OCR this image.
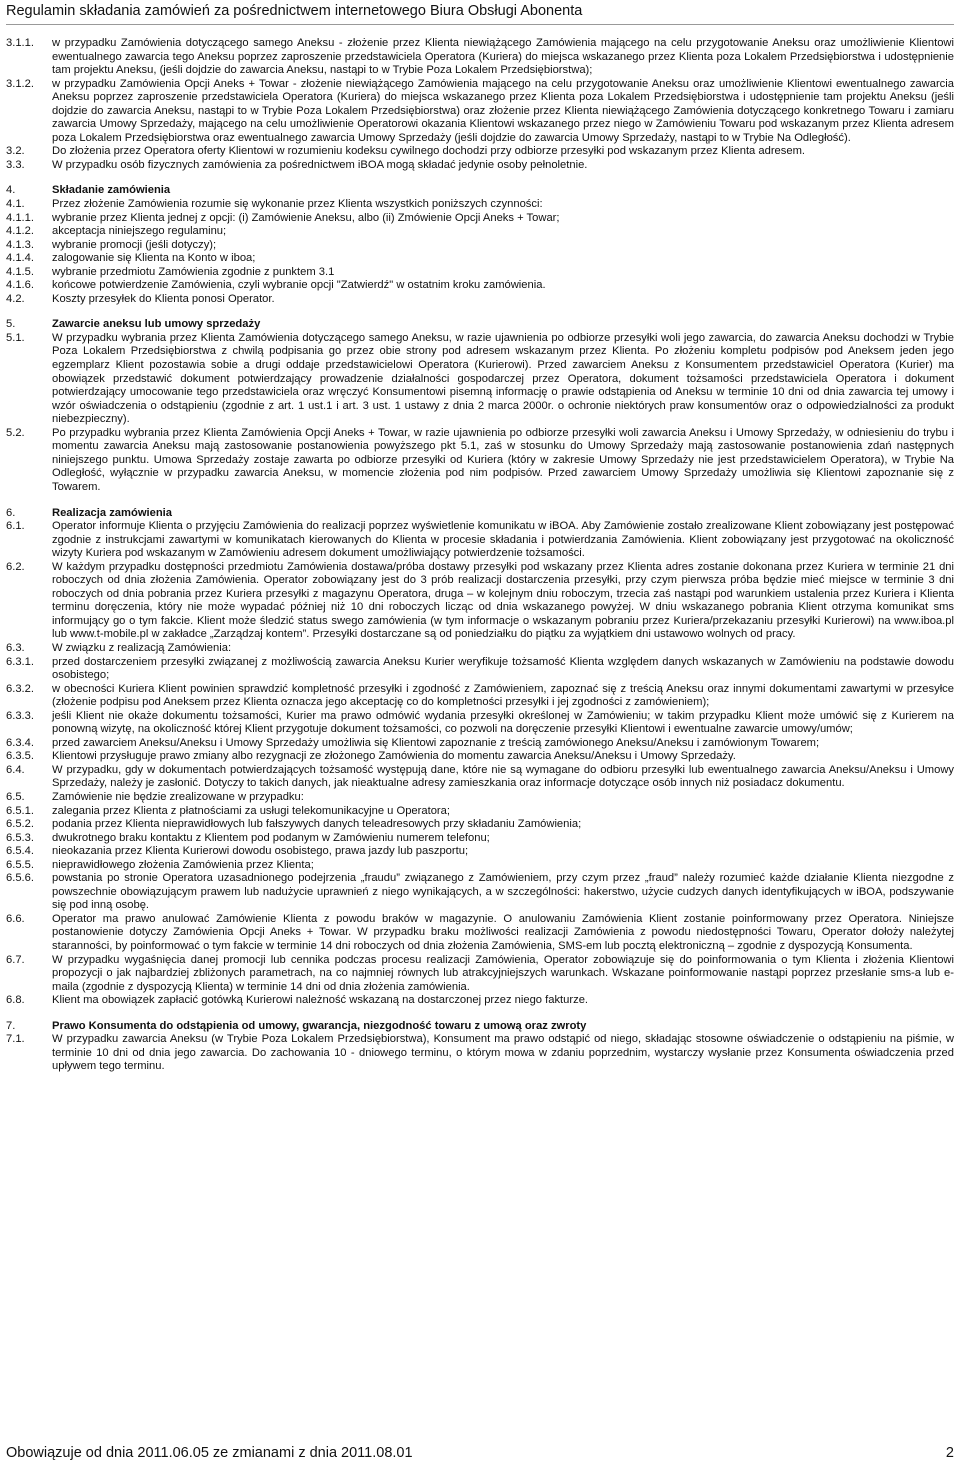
Regulamin składania zamówień za pośrednictwem internetowego Biura Obsługi Abonenta
3.1.1.	w przypadku Zamówienia dotyczącego samego Aneksu - złożenie przez Klienta niewiążącego Zamówienia mającego na celu przygotowanie Aneksu oraz umożliwienie Klientowi ewentualnego zawarcia tego Aneksu poprzez zaproszenie przedstawiciela Operatora (Kuriera) do miejsca wskazanego przez Klienta poza Lokalem Przedsiębiorstwa i udostępnienie tam projektu Aneksu, (jeśli dojdzie do zawarcia Aneksu, nastąpi to w Trybie Poza Lokalem Przedsiębiorstwa);
3.1.2.	w przypadku Zamówienia Opcji Aneks + Towar - złożenie niewiążącego Zamówienia mającego na celu przygotowanie Aneksu oraz umożliwienie Klientowi ewentualnego zawarcia Aneksu poprzez zaproszenie przedstawiciela Operatora (Kuriera) do miejsca wskazanego przez Klienta poza Lokalem Przedsiębiorstwa i udostępnienie tam projektu Aneksu (jeśli dojdzie do zawarcia Aneksu, nastąpi to w Trybie Poza Lokalem Przedsiębiorstwa) oraz złożenie przez Klienta niewiążącego Zamówienia dotyczącego konkretnego Towaru i zamiaru zawarcia Umowy Sprzedaży, mającego na celu umożliwienie Operatorowi okazania Klientowi wskazanego przez niego w Zamówieniu Towaru pod wskazanym przez Klienta adresem poza Lokalem Przedsiębiorstwa oraz ewentualnego zawarcia Umowy Sprzedaży (jeśli dojdzie do zawarcia Umowy Sprzedaży, nastąpi to w Trybie Na Odległość).
3.2.	Do złożenia przez Operatora oferty Klientowi w rozumieniu kodeksu cywilnego dochodzi przy odbiorze przesyłki pod wskazanym przez Klienta adresem.
3.3.	W przypadku osób fizycznych zamówienia za pośrednictwem iBOA mogą składać jedynie osoby pełnoletnie.
4.	Składanie zamówienia
4.1.	Przez złożenie Zamówienia rozumie się wykonanie przez Klienta wszystkich poniższych czynności:
4.1.1.	wybranie przez Klienta jednej z opcji: (i) Zamówienie Aneksu, albo (ii) Zmówienie Opcji Aneks + Towar;
4.1.2.	akceptacja niniejszego regulaminu;
4.1.3.	wybranie promocji (jeśli dotyczy);
4.1.4.	zalogowanie się Klienta na Konto w iboa;
4.1.5.	wybranie przedmiotu Zamówienia zgodnie z punktem 3.1
4.1.6.	końcowe potwierdzenie Zamówienia, czyli wybranie opcji "Zatwierdź" w ostatnim kroku zamówienia.
4.2.	Koszty przesyłek do Klienta ponosi Operator.
5.	Zawarcie aneksu lub umowy sprzedaży
5.1.	W przypadku wybrania przez Klienta Zamówienia dotyczącego samego Aneksu, w razie ujawnienia po odbiorze przesyłki woli jego zawarcia, do zawarcia Aneksu dochodzi w Trybie Poza Lokalem Przedsiębiorstwa z chwilą podpisania go przez obie strony pod adresem wskazanym przez Klienta. Po złożeniu kompletu podpisów pod Aneksem jeden jego egzemplarz Klient pozostawia sobie a drugi oddaje przedstawicielowi Operatora (Kurierowi). Przed zawarciem Aneksu z Konsumentem przedstawiciel Operatora (Kurier) ma obowiązek przedstawić dokument potwierdzający prowadzenie działalności gospodarczej przez Operatora, dokument tożsamości przedstawiciela Operatora i dokument potwierdzający umocowanie tego przedstawiciela oraz wręczyć Konsumentowi pisemną informację o prawie odstąpienia od Aneksu w terminie 10 dni od dnia zawarcia tej umowy i wzór oświadczenia o odstąpieniu (zgodnie z art. 1 ust.1 i art. 3 ust. 1 ustawy z dnia 2 marca 2000r. o ochronie niektórych praw konsumentów oraz o odpowiedzialności za produkt niebezpieczny).
5.2.	Po przypadku wybrania przez Klienta Zamówienia Opcji Aneks + Towar, w razie ujawnienia po odbiorze przesyłki woli zawarcia Aneksu i Umowy Sprzedaży, w odniesieniu do trybu i momentu zawarcia Aneksu mają zastosowanie postanowienia powyższego pkt 5.1, zaś w stosunku do Umowy Sprzedaży mają zastosowanie postanowienia zdań następnych niniejszego punktu. Umowa Sprzedaży zostaje zawarta po odbiorze przesyłki od Kuriera (który w zakresie Umowy Sprzedaży nie jest przedstawicielem Operatora), w Trybie Na Odległość, wyłącznie w przypadku zawarcia Aneksu, w momencie złożenia pod nim podpisów. Przed zawarciem Umowy Sprzedaży umożliwia się Klientowi zapoznanie się z Towarem.
6.	Realizacja zamówienia
6.1.	Operator informuje Klienta o przyjęciu Zamówienia do realizacji poprzez wyświetlenie komunikatu w iBOA. Aby Zamówienie zostało zrealizowane Klient zobowiązany jest postępować zgodnie z instrukcjami zawartymi w komunikatach kierowanych do Klienta w procesie składania i potwierdzania Zamówienia. Klient zobowiązany jest przygotować na okoliczność wizyty Kuriera pod wskazanym w Zamówieniu adresem dokument umożliwiający potwierdzenie tożsamości.
6.2.	W każdym przypadku dostępności przedmiotu Zamówienia dostawa/próba dostawy przesyłki pod wskazany przez Klienta adres zostanie dokonana przez Kuriera w terminie 21 dni roboczych od dnia złożenia Zamówienia. Operator zobowiązany jest do 3 prób realizacji dostarczenia przesyłki, przy czym pierwsza próba będzie mieć miejsce w terminie 3 dni roboczych od dnia pobrania przez Kuriera przesyłki z magazynu Operatora, druga – w kolejnym dniu roboczym, trzecia zaś nastąpi pod warunkiem ustalenia przez Kuriera i Klienta terminu doręczenia, który nie może wypadać później niż 10 dni roboczych licząc od dnia wskazanego powyżej. W dniu wskazanego pobrania Klient otrzyma komunikat sms informujący go o tym fakcie. Klient może śledzić status swego zamówienia (w tym informacje o wskazanym pobraniu przez Kuriera/przekazaniu przesyłki Kurierowi) na www.iboa.pl lub www.t-mobile.pl w zakładce „Zarządzaj kontem”. Przesyłki dostarczane są od poniedziałku do piątku za wyjątkiem dni ustawowo wolnych od pracy.
6.3.	W związku z realizacją Zamówienia:
6.3.1.	przed dostarczeniem przesyłki związanej z możliwością zawarcia Aneksu Kurier weryfikuje tożsamość Klienta względem danych wskazanych w Zamówieniu na podstawie dowodu osobistego;
6.3.2.	w obecności Kuriera Klient powinien sprawdzić kompletność przesyłki i zgodność z Zamówieniem, zapoznać się z treścią Aneksu oraz innymi dokumentami zawartymi w przesyłce (złożenie podpisu pod Aneksem przez Klienta oznacza jego akceptację co do kompletności przesyłki i jej zgodności z zamówieniem);
6.3.3.	jeśli Klient nie okaże dokumentu tożsamości, Kurier ma prawo odmówić wydania przesyłki określonej w Zamówieniu; w takim przypadku Klient może umówić się z Kurierem na ponowną wizytę, na okoliczność której Klient przygotuje dokument tożsamości, co pozwoli na doręczenie przesyłki Klientowi i ewentualne zawarcie umowy/umów;
6.3.4.	przed zawarciem Aneksu/Aneksu i Umowy Sprzedaży umożliwia się Klientowi zapoznanie z treścią zamówionego Aneksu/Aneksu i zamówionym Towarem;
6.3.5.	Klientowi przysługuje prawo zmiany albo rezygnacji ze złożonego Zamówienia do momentu zawarcia Aneksu/Aneksu i Umowy Sprzedaży.
6.4.	W przypadku, gdy w dokumentach potwierdzających tożsamość występują dane, które nie są wymagane do odbioru przesyłki lub ewentualnego zawarcia Aneksu/Aneksu i Umowy Sprzedaży, należy je zasłonić. Dotyczy to takich danych, jak nieaktualne adresy zamieszkania oraz informacje dotyczące osób innych niż posiadacz dokumentu.
6.5.	Zamówienie nie będzie zrealizowane w przypadku:
6.5.1.	zalegania przez Klienta z płatnościami za usługi telekomunikacyjne u Operatora;
6.5.2.	podania przez Klienta nieprawidłowych lub fałszywych danych teleadresowych przy składaniu Zamówienia;
6.5.3.	dwukrotnego braku kontaktu z Klientem pod podanym w Zamówieniu numerem telefonu;
6.5.4.	nieokazania przez Klienta Kurierowi dowodu osobistego, prawa jazdy lub paszportu;
6.5.5.	nieprawidłowego złożenia Zamówienia przez Klienta;
6.5.6.	powstania po stronie Operatora uzasadnionego podejrzenia „fraudu” związanego z Zamówieniem, przy czym przez „fraud” należy rozumieć każde działanie Klienta niezgodne z powszechnie obowiązującym prawem lub nadużycie uprawnień z niego wynikających, a w szczególności: hakerstwo, użycie cudzych danych identyfikujących w iBOA, podszywanie się pod inną osobę.
6.6.	Operator ma prawo anulować Zamówienie Klienta z powodu braków w magazynie. O anulowaniu Zamówienia Klient zostanie poinformowany przez Operatora. Niniejsze postanowienie dotyczy Zamówienia Opcji Aneks + Towar. W przypadku braku możliwości realizacji Zamówienia z powodu niedostępności Towaru, Operator dołoży należytej staranności, by poinformować o tym fakcie w terminie 14 dni roboczych od dnia złożenia Zamówienia, SMS-em lub pocztą elektroniczną – zgodnie z dyspozycją Konsumenta.
6.7.	W przypadku wygaśnięcia danej promocji lub cennika podczas procesu realizacji Zamówienia, Operator zobowiązuje się do poinformowania o tym Klienta i złożenia Klientowi propozycji o jak najbardziej zbliżonych parametrach, na co najmniej równych lub atrakcyjniejszych warunkach. Wskazane poinformowanie nastąpi poprzez przesłanie sms-a lub e-maila (zgodnie z dyspozycją Klienta) w terminie 14 dni od dnia złożenia zamówienia.
6.8.	Klient ma obowiązek zapłacić gotówką Kurierowi należność wskazaną na dostarczonej przez niego fakturze.
7.	Prawo Konsumenta do odstąpienia od umowy, gwarancja, niezgodność towaru z umową oraz zwroty
7.1.	W przypadku zawarcia Aneksu (w Trybie Poza Lokalem Przedsiębiorstwa), Konsument ma prawo odstąpić od niego, składając stosowne oświadczenie o odstąpieniu na piśmie, w terminie 10 dni od dnia jego zawarcia. Do zachowania 10 - dniowego terminu, o którym mowa w zdaniu poprzednim, wystarczy wysłanie przez Konsumenta oświadczenia przed upływem tego terminu.
Obowiązuje od dnia 2011.06.05 ze zmianami z dnia 2011.08.01	2
